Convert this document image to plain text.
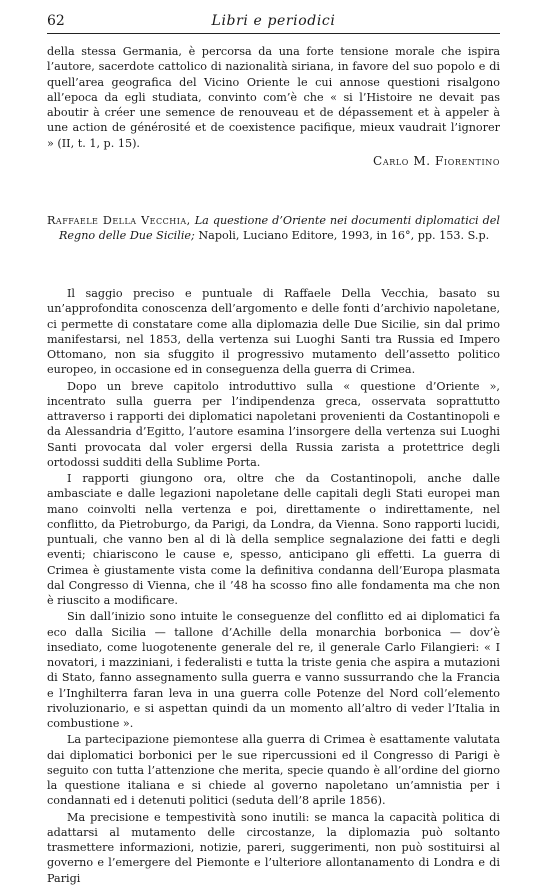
62	Libri e periodici

della stessa Germania, è percorsa da una forte tensione morale che ispira l’autore, sacerdote cattolico di nazionalità siriana, in favore del suo popolo e di quell’area geografica del Vicino Oriente le cui annose questioni risalgono all’epoca da egli studiata, convinto com’è che « si l’Histoire ne devait pas aboutir à créer une semence de renouveau et de dépassement et à appeler à une action de générosité et de coexistence pacifique, mieux vaudrait l’ignorer » (II, t. 1, p. 15).

Carlo M. Fiorentino

Raffaele Della Vecchia, La questione d’Oriente nei documenti diplomatici del Regno delle Due Sicilie; Napoli, Luciano Editore, 1993, in 16°, pp. 153. S.p.

Il saggio preciso e puntuale di Raffaele Della Vecchia, basato su un’approfondita conoscenza dell’argomento e delle fonti d’archivio napoletane, ci permette di constatare come alla diplomazia delle Due Sicilie, sin dal primo manifestarsi, nel 1853, della vertenza sui Luoghi Santi tra Russia ed Impero Ottomano, non sia sfuggito il progressivo mutamento dell’assetto politico europeo, in occasione ed in conseguenza della guerra di Crimea.

Dopo un breve capitolo introduttivo sulla « questione d’Oriente », incentrato sulla guerra per l’indipendenza greca, osservata soprattutto attraverso i rapporti dei diplomatici napoletani provenienti da Costantinopoli e da Alessandria d’Egitto, l’autore esamina l’insorgere della vertenza sui Luoghi Santi provocata dal voler ergersi della Russia zarista a protettrice degli ortodossi sudditi della Sublime Porta.

I rapporti giungono ora, oltre che da Costantinopoli, anche dalle ambasciate e dalle legazioni napoletane delle capitali degli Stati europei man mano coinvolti nella vertenza e poi, direttamente o indirettamente, nel conflitto, da Pietroburgo, da Parigi, da Londra, da Vienna. Sono rapporti lucidi, puntuali, che vanno ben al di là della semplice segnalazione dei fatti e degli eventi; chiariscono le cause e, spesso, anticipano gli effetti. La guerra di Crimea è giustamente vista come la definitiva condanna dell’Europa plasmata dal Congresso di Vienna, che il ’48 ha scosso fino alle fondamenta ma che non è riuscito a modificare.

Sin dall’inizio sono intuite le conseguenze del conflitto ed ai diplomatici fa eco dalla Sicilia — tallone d’Achille della monarchia borbonica — dov’è insediato, come luogotenente generale del re, il generale Carlo Filangieri: « I novatori, i mazziniani, i federalisti e tutta la triste genia che aspira a mutazioni di Stato, fanno assegnamento sulla guerra e vanno sussurrando che la Francia e l’Inghilterra faran leva in una guerra colle Potenze del Nord coll’elemento rivoluzionario, e si aspettan quindi da un momento all’altro di veder l’Italia in combustione ».

La partecipazione piemontese alla guerra di Crimea è esattamente valutata dai diplomatici borbonici per le sue ripercussioni ed il Congresso di Parigi è seguito con tutta l’attenzione che merita, specie quando è all’ordine del giorno la questione italiana e si chiede al governo napoletano un’amnistia per i condannati ed i detenuti politici (seduta dell’8 aprile 1856).

Ma precisione e tempestività sono inutili: se manca la capacità politica di adattarsi al mutamento delle circostanze, la diplomazia può soltanto trasmettere informazioni, notizie, pareri, suggerimenti, non può sostituirsi al governo e l’emergere del Piemonte e l’ulteriore allontanamento di Londra e di Parigi
